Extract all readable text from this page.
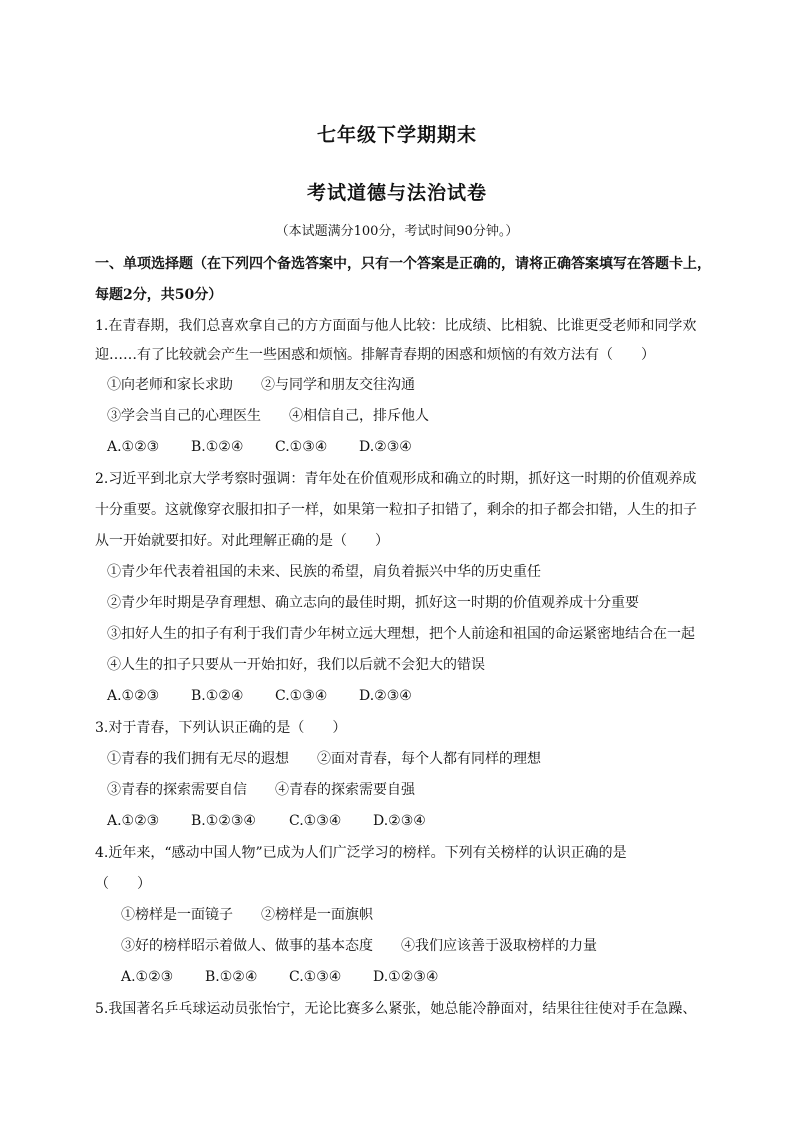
七年级下学期期末
考试道德与法治试卷
（本试题满分100分，考试时间90分钟。）
一、单项选择题（在下列四个备选答案中，只有一个答案是正确的，请将正确答案填写在答题卡上，
每题2分，共50分）
1.在青春期，我们总喜欢拿自己的方方面面与他人比较：比成绩、比相貌、比谁更受老师和同学欢
迎……有了比较就会产生一些困惑和烦恼。排解青春期的困惑和烦恼的有效方法有（　　）
①向老师和家长求助　　②与同学和朋友交往沟通
③学会当自己的心理医生　　④相信自己，排斥他人
A.①②③ B.①②④ C.①③④ D.②③④
2.习近平到北京大学考察时强调：青年处在价值观形成和确立的时期，抓好这一时期的价值观养成
十分重要。这就像穿衣服扣扣子一样，如果第一粒扣子扣错了，剩余的扣子都会扣错，人生的扣子
从一开始就要扣好。对此理解正确的是（　　）
①青少年代表着祖国的未来、民族的希望，肩负着振兴中华的历史重任
②青少年时期是孕育理想、确立志向的最佳时期，抓好这一时期的价值观养成十分重要
③扣好人生的扣子有利于我们青少年树立远大理想，把个人前途和祖国的命运紧密地结合在一起
④人生的扣子只要从一开始扣好，我们以后就不会犯大的错误
A.①②③ B.①②④ C.①③④ D.②③④
3.对于青春，下列认识正确的是（　　）
①青春的我们拥有无尽的遐想　　②面对青春，每个人都有同样的理想
③青春的探索需要自信　　④青春的探索需要自强
A.①②③ B.①②③④ C.①③④ D.②③④
4.近年来，“感动中国人物”已成为人们广泛学习的榜样。下列有关榜样的认识正确的是
（　　）
①榜样是一面镜子　　②榜样是一面旗帜
③好的榜样昭示着做人、做事的基本态度　　④我们应该善于汲取榜样的力量
A.①②③ B.①②④ C.①③④ D.①②③④
5.我国著名乒乓球运动员张怡宁，无论比赛多么紧张，她总能冷静面对，结果往往使对手在急躁、
